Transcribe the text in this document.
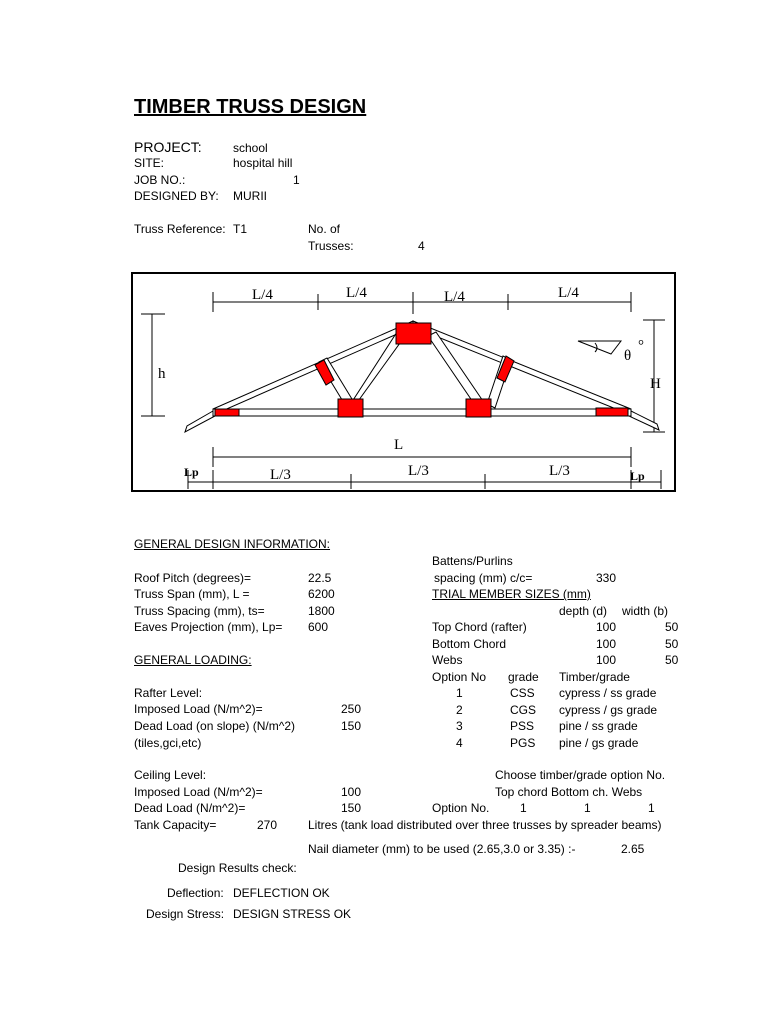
TIMBER TRUSS DESIGN
PROJECT:	school
SITE:	hospital hill
JOB NO.:	1
DESIGNED BY: MURII
Truss Reference: T1	No. of
Trusses:	4
L/4	L/4	L/4	L/4
h
H
L
L/3	L/3	L/3
Lp	Lp
θ
°
GENERAL DESIGN INFORMATION:
Roof Pitch (degrees)=	22.5
Truss Span (mm), L =	6200
Truss Spacing (mm), ts=	1800
Eaves Projection (mm), Lp= 600
Battens/Purlins
spacing (mm) c/c=	330
TRIAL MEMBER SIZES (mm)
depth (d) width (b)
Top Chord (rafter)	100	50
Bottom Chord	100	50
Webs	100	50
GENERAL LOADING:
Rafter Level:
Imposed Load (N/m^2)=	250
Dead Load (on slope) (N/m^2)	150
(tiles,gci,etc)
Option No grade Timber/grade
1	CSS cypress / ss grade
2	CGS cypress / gs grade
3	PSS pine / ss grade
4	PGS pine / gs grade
Ceiling Level:
Imposed Load (N/m^2)=	100
Dead Load (N/m^2)=	150
Tank Capacity=	270	Litres (tank load distributed over three trusses by spreader beams)
Choose timber/grade option No.
Top chord Bottom ch. Webs
Option No.	1	1	1
Nail diameter (mm) to be used (2.65,3.0 or 3.35) :-	2.65
Design Results check:
Deflection: DEFLECTION OK
Design Stress: DESIGN STRESS OK
